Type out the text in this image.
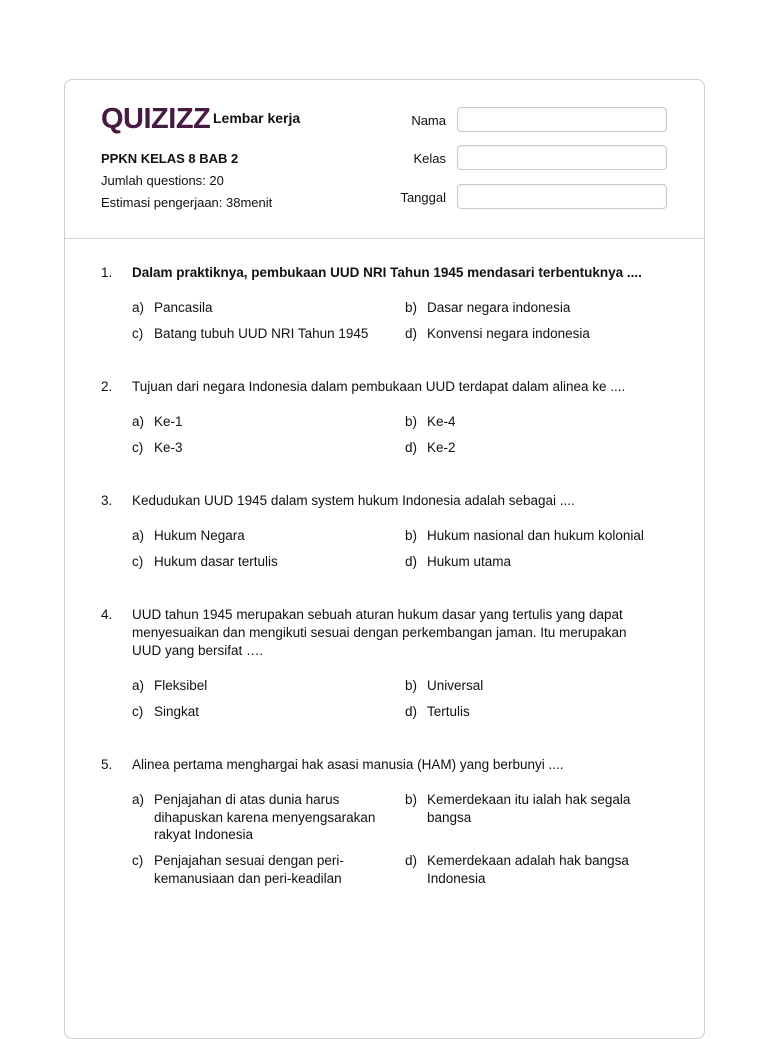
QUIZIZZ Lembar kerja
PPKN KELAS 8 BAB 2
Jumlah questions: 20
Estimasi pengerjaan: 38menit
Nama
Kelas
Tanggal
1. Dalam praktiknya, pembukaan UUD NRI Tahun 1945 mendasari terbentuknya ....
a) Pancasila	b) Dasar negara indonesia
c) Batang tubuh UUD NRI Tahun 1945	d) Konvensi negara indonesia
2. Tujuan dari negara Indonesia dalam pembukaan UUD terdapat dalam alinea ke ....
a) Ke-1	b) Ke-4
c) Ke-3	d) Ke-2
3. Kedudukan UUD 1945 dalam system hukum Indonesia adalah sebagai ....
a) Hukum Negara	b) Hukum nasional dan hukum kolonial
c) Hukum dasar tertulis	d) Hukum utama
4. UUD tahun 1945 merupakan sebuah aturan hukum dasar yang tertulis yang dapat menyesuaikan dan mengikuti sesuai dengan perkembangan jaman. Itu merupakan UUD yang bersifat ….
a) Fleksibel	b) Universal
c) Singkat	d) Tertulis
5. Alinea pertama menghargai hak asasi manusia (HAM) yang berbunyi ....
a) Penjajahan di atas dunia harus dihapuskan karena menyengsarakan rakyat Indonesia
b) Kemerdekaan itu ialah hak segala bangsa
c) Penjajahan sesuai dengan peri-kemanusiaan dan peri-keadilan
d) Kemerdekaan adalah hak bangsa Indonesia
